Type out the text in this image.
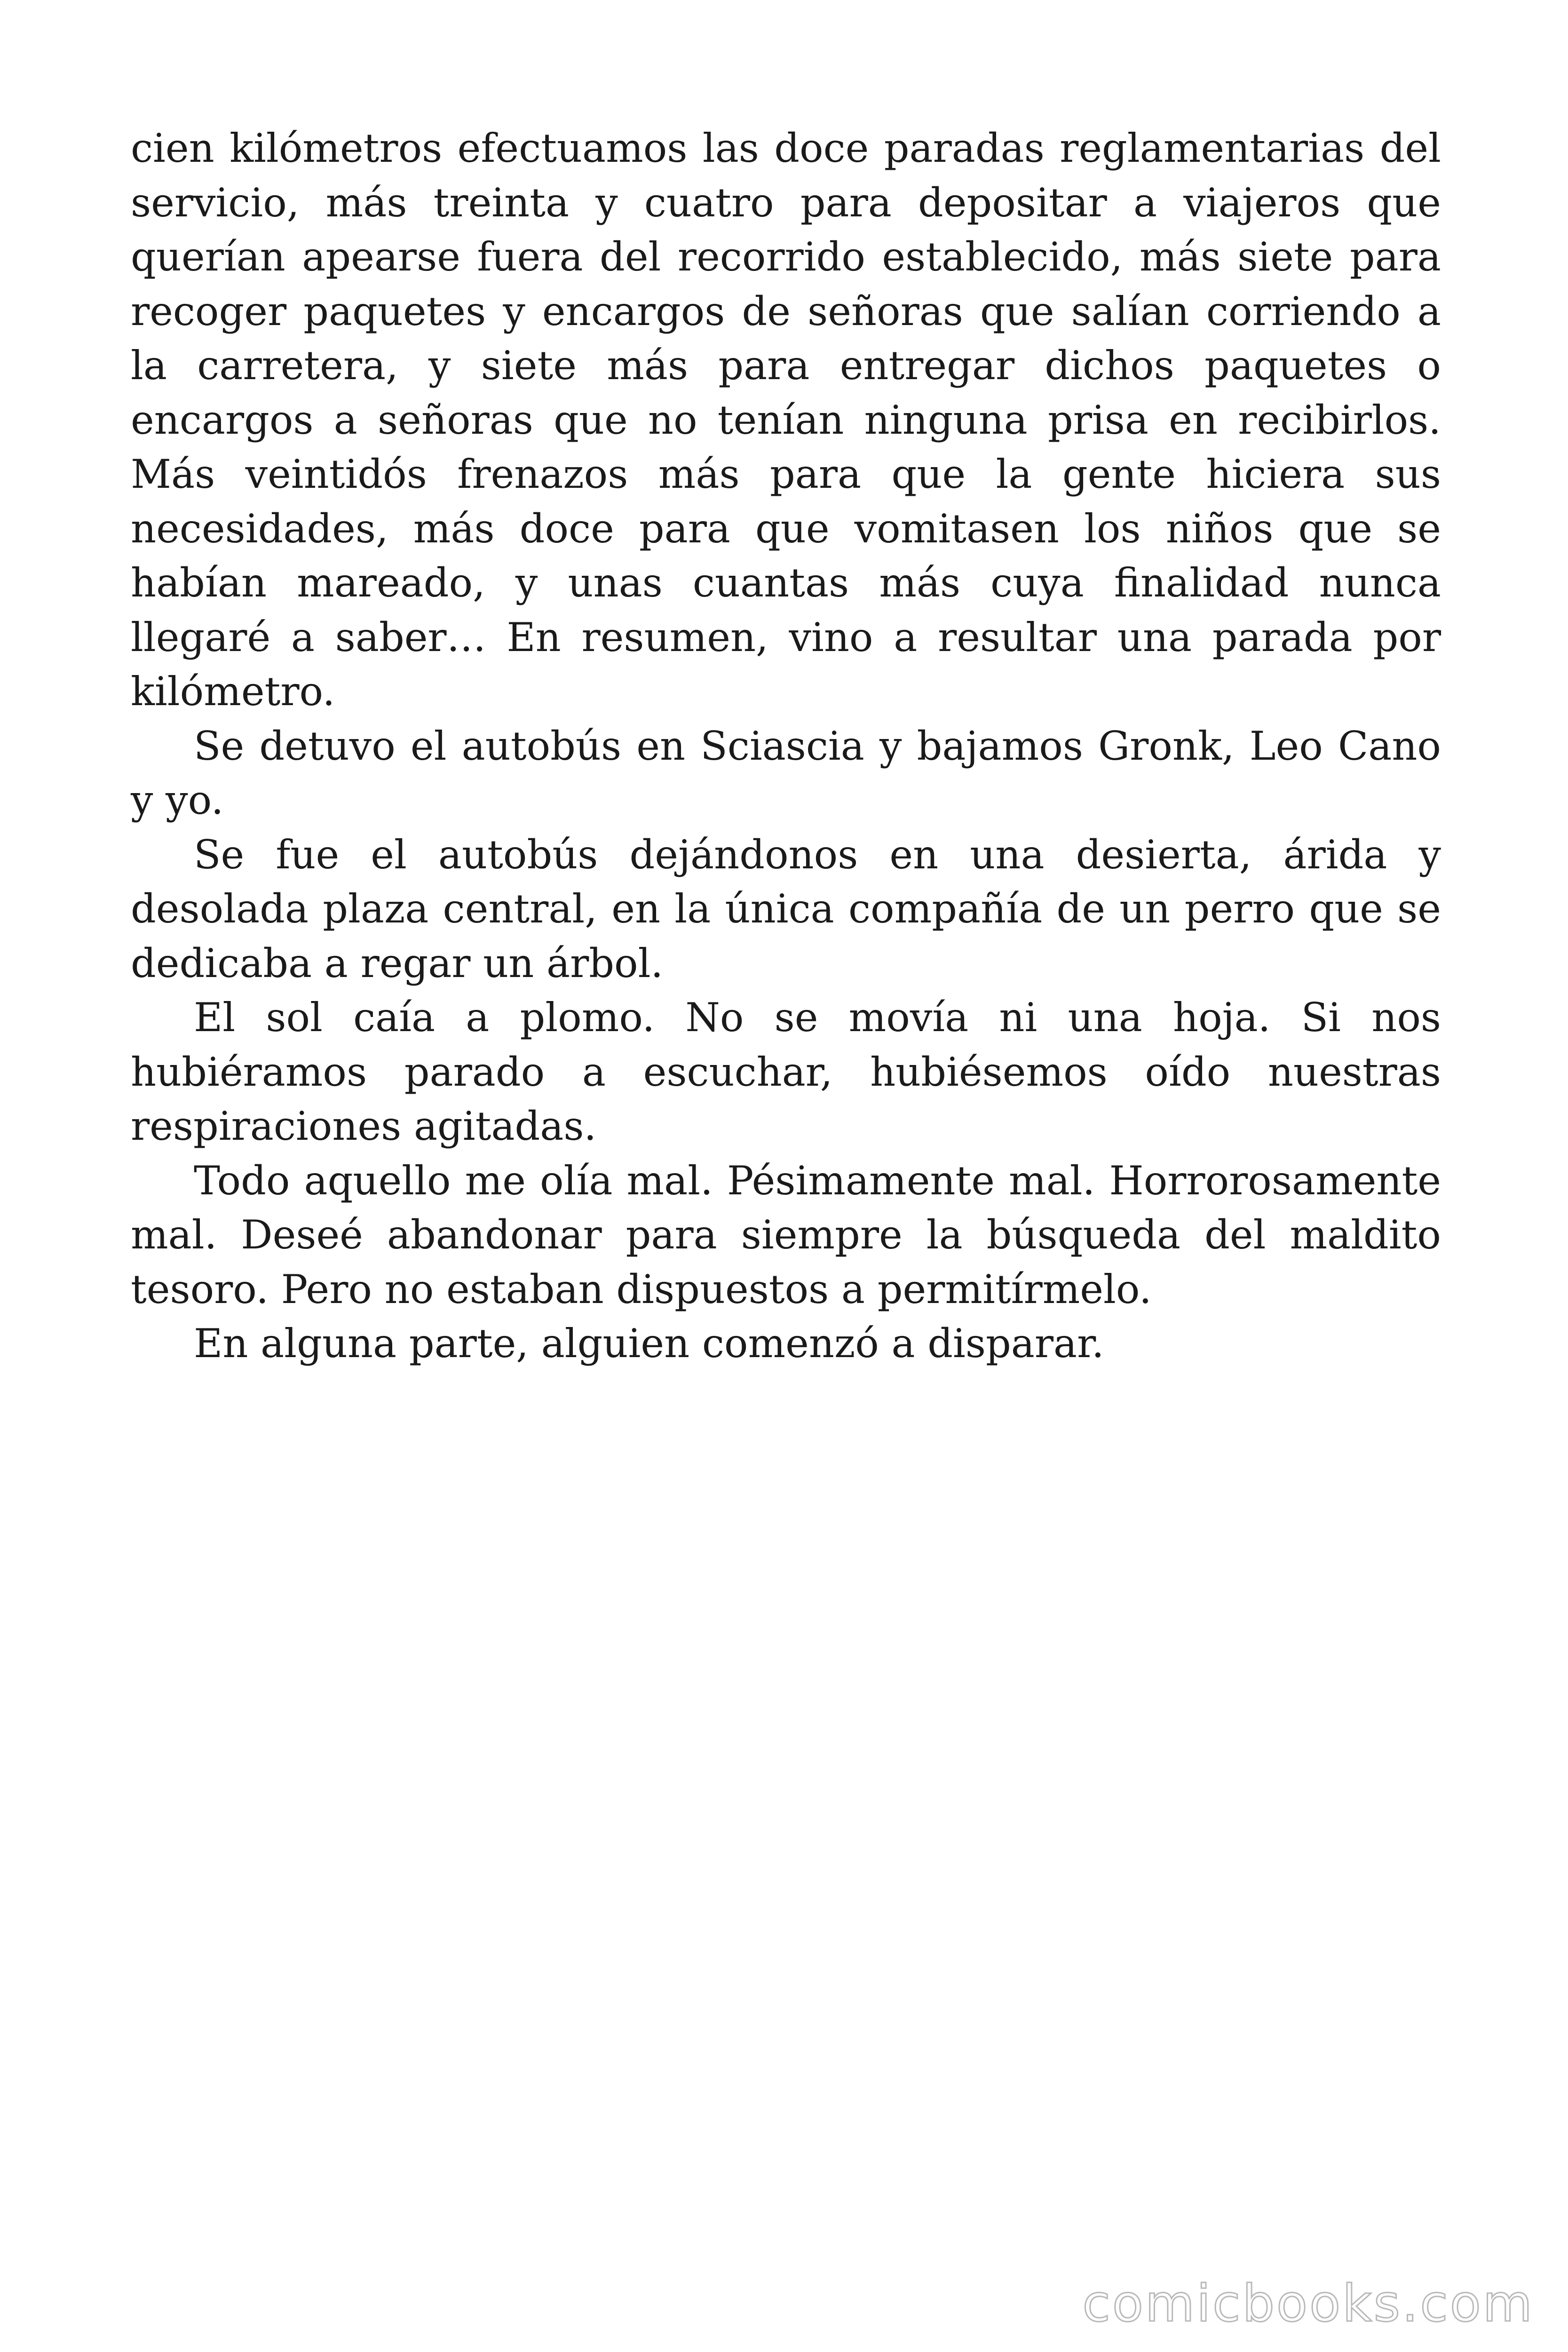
cien kilómetros efectuamos las doce paradas reglamentarias del servicio, más treinta y cuatro para depositar a viajeros que querían apearse fuera del recorrido establecido, más siete para recoger paquetes y encargos de señoras que salían corriendo a la carretera, y siete más para entregar dichos paquetes o encargos a señoras que no tenían ninguna prisa en recibirlos. Más veintidós frenazos más para que la gente hiciera sus necesidades, más doce para que vomitasen los niños que se habían mareado, y unas cuantas más cuya finalidad nunca llegaré a saber… En resumen, vino a resultar una parada por kilómetro.

Se detuvo el autobús en Sciascia y bajamos Gronk, Leo Cano y yo.

Se fue el autobús dejándonos en una desierta, árida y desolada plaza central, en la única compañía de un perro que se dedicaba a regar un árbol.

El sol caía a plomo. No se movía ni una hoja. Si nos hubiéramos parado a escuchar, hubiésemos oído nuestras respiraciones agitadas.

Todo aquello me olía mal. Pésimamente mal. Horrorosamente mal. Deseé abandonar para siempre la búsqueda del maldito tesoro. Pero no estaban dispuestos a permitírmelo.

En alguna parte, alguien comenzó a disparar.

comicbooks.com
